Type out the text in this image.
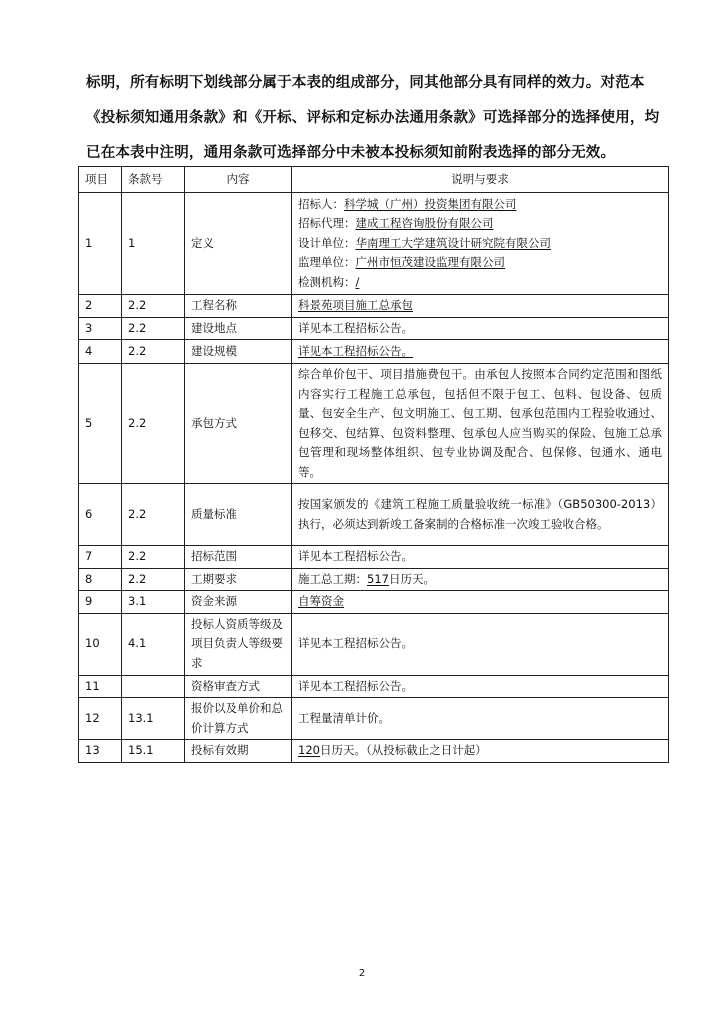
标明，所有标明下划线部分属于本表的组成部分，同其他部分具有同样的效力。对范本

《投标须知通用条款》和《开标、评标和定标办法通用条款》可选择部分的选择使用，均

已在本表中注明，通用条款可选择部分中未被本投标须知前附表选择的部分无效。

项目	条款号	内容	说明与要求
1	1	定义	招标人：科学城（广州）投资集团有限公司
招标代理：建成工程咨询股份有限公司
设计单位：华南理工大学建筑设计研究院有限公司
监理单位：广州市恒茂建设监理有限公司
检测机构：/

2	2.2	工程名称	科景苑项目施工总承包
3	2.2	建设地点	详见本工程招标公告。
4	2.2	建设规模	详见本工程招标公告。
5	2.2	承包方式	综合单价包干、项目措施费包干。由承包人按照本合同约定范围和图纸内容实行工程施工总承包，包括但不限于包工、包料、包设备、包质量、包安全生产、包文明施工、包工期、包承包范围内工程验收通过、包移交、包结算、包资料整理、包承包人应当购买的保险、包施工总承包管理和现场整体组织、包专业协调及配合、包保修、包通水、通电等。
6	2.2	质量标准	按国家颁发的《建筑工程施工质量验收统一标准》（GB50300-2013）执行，必须达到新竣工备案制的合格标准一次竣工验收合格。
7	2.2	招标范围	详见本工程招标公告。
8	2.2	工期要求	施工总工期：517日历天。
9	3.1	资金来源	自筹资金
10	4.1	投标人资质等级及项目负责人等级要求	详见本工程招标公告。
11		资格审查方式	详见本工程招标公告。
12	13.1	报价以及单价和总价计算方式	工程量清单计价。
13	15.1	投标有效期	120日历天。（从投标截止之日计起）
2
